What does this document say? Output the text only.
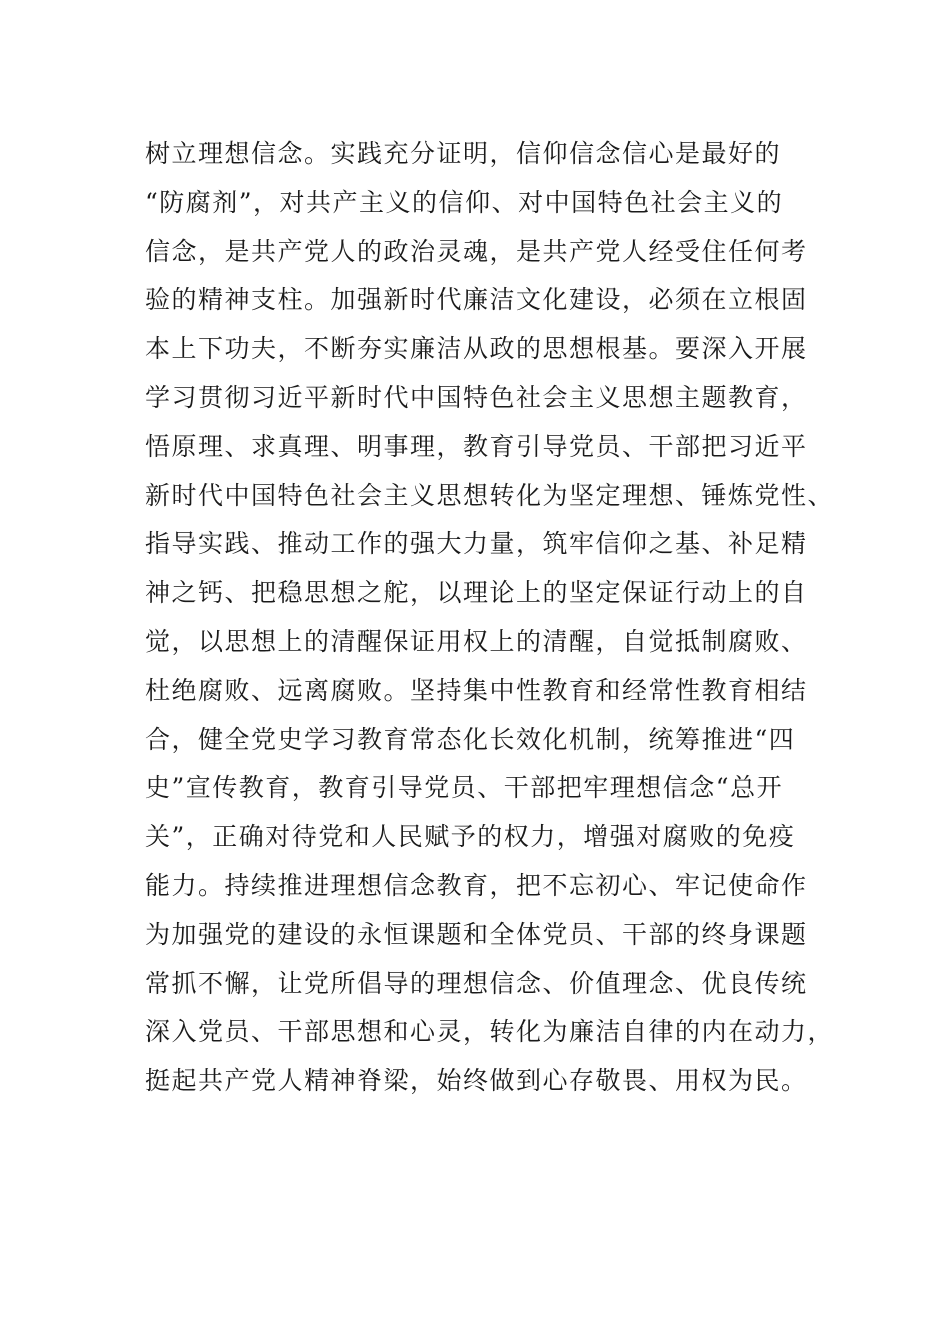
树立理想信念。实践充分证明，信仰信念信心是最好的
“防腐剂”，对共产主义的信仰、对中国特色社会主义的
信念，是共产党人的政治灵魂，是共产党人经受住任何考
验的精神支柱。加强新时代廉洁文化建设，必须在立根固
本上下功夫，不断夯实廉洁从政的思想根基。要深入开展
学习贯彻习近平新时代中国特色社会主义思想主题教育，
悟原理、求真理、明事理，教育引导党员、干部把习近平
新时代中国特色社会主义思想转化为坚定理想、锤炼党性、
指导实践、推动工作的强大力量，筑牢信仰之基、补足精
神之钙、把稳思想之舵，以理论上的坚定保证行动上的自
觉，以思想上的清醒保证用权上的清醒，自觉抵制腐败、
杜绝腐败、远离腐败。坚持集中性教育和经常性教育相结
合，健全党史学习教育常态化长效化机制，统筹推进“四
史”宣传教育，教育引导党员、干部把牢理想信念“总开
关”，正确对待党和人民赋予的权力，增强对腐败的免疫
能力。持续推进理想信念教育，把不忘初心、牢记使命作
为加强党的建设的永恒课题和全体党员、干部的终身课题
常抓不懈，让党所倡导的理想信念、价值理念、优良传统
深入党员、干部思想和心灵，转化为廉洁自律的内在动力，
挺起共产党人精神脊梁，始终做到心存敬畏、用权为民。
